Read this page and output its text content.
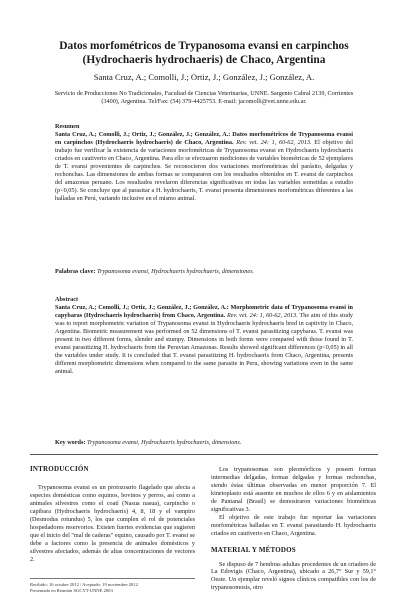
Datos morfométricos de Trypanosoma evansi en carpinchos
(Hydrochaeris hydrochaeris) de Chaco, Argentina
Santa Cruz, A.; Comolli, J.; Ortiz, J.; González, J.; González, A.
Servicio de Producciones No Tradicionales, Facultad de Ciencias Veterinarias, UNNE. Sargento Cabral 2139, Corrientes (3400), Argentina. Tel/Fax: (54) 379-4425753. E-mail: jacomolli@vet.unne.edu.ar.

Resumen

Santa Cruz, A.; Comolli, J.; Ortiz, J.; González, J.; González, A.: Datos morfométricos de Trypanosoma evansi en carpinchos (Hydrochaeris hydrochaeris) de Chaco, Argentina. Rev. vet. 24: 1, 60-62, 2013. El objetivo del trabajo fue verificar la existencia de variaciones morfométricas de Trypanosoma evansi en Hydrochaeris hydrochaeris criados en cautiverio en Chaco, Argentina. Para ello se efectuaron mediciones de variables biométricas de 52 ejemplares de T. evansi provenientes de carpinchos. Se reconocieron dos variaciones morfométricas del parásito, delgadas y rechonchas. Las dimensiones de ambas formas se compararon con los resultados obtenidos en T. evansi de carpinchos del amazonas peruano. Los resultados revelaron diferencias significativas en todas las variables sometidas a estudio (p<0,05). Se concluye que al parasitar a H. hydrochaeris, T. evansi presenta dimensiones morfométricas diferentes a las halladas en Perú, variando inclusive en el mismo animal.

Palabras clave: Trypanosoma evansi, Hydrochaeris hydrochaeris, dimensiones.

Abstract

Santa Cruz, A.; Comolli, J.; Ortiz, J.; González, J.; González, A.: Morphometric data of Trypanosoma evansi in capybaras (Hydrochaeris hydrochaeris) from Chaco, Argentina. Rev. vet. 24: 1, 60-62, 2013. The aim of this study was to report morphometric variation of Trypanosoma evansi in Hydrochaeris hydrochaeris bred in captivity in Chaco, Argentina. Biometric measurement was performed on 52 dimensions of T. evansi parasitizing capybaras. T. evansi was present in two different forms, slender and stumpy. Dimensions in both forms were compared with those found in T. evansi parasitizing H. hydrochaeris from the Peruvian Amazonas. Results showed significant differences (p<0,05) in all the variables under study. It is concluded that T. evansi parasitizing H. hydrochaeris from Chaco, Argentina, presents different morphometric dimensions when compared to the same parasite in Peru, showing variations even in the same animal.

Key words: Trypanosoma evansi, Hydrochaeris hydrochaeris, dimensions.

INTRODUCCIÓN

Trypanosoma evansi es un protozoario flagelado que afecta a especies domésticas como equinos, bovinos y perros, así como a animales silvestres como el coatí (Nasua nasua), carpincho o capibara (Hydrochaeris hydrochaeris) 4, 8, 18 y el vampiro (Desmodus rotundus) 5, los que cumplen el rol de potenciales hospedadores reservorios. Existen fuertes evidencias que sugieren que el inicio del "mal de caderas" equino, causado por T. evansi se debe a factores como la presencia de animales domésticos y silvestres afectados, además de altas concentraciones de vectores 2.

Los trypanosomas son pleomórficos y poseen formas intermedias delgadas, formas delgadas y formas rechonchas, siendo éstas últimas observadas en menor proporción 7. El kinetoplasto está ausente en muchos de ellos 6 y en aislamientos de Pantanal (Brasil) se demostraron variaciones biométricas significativas 3.

El objetivo de este trabajo fue reportar las variaciones morfométricas halladas en T. evansi parasitando H. hydrochaeris criados en cautiverio en Chaco, Argentina.

MATERIAL Y MÉTODOS

Se dispuso de 7 hembras adultas procedentes de un criadero de La Edovigis (Chaco, Argentina), ubicado a 26,7° Sur y 59,1° Oeste. Un ejemplar reveló signos clínicos compatibles con los de trypanosomosis, otro

Recibido: 16 octubre 2012 / Aceptado: 19 noviembre 2012
Presentado en Reunión SGCYT-UNNE 2003
